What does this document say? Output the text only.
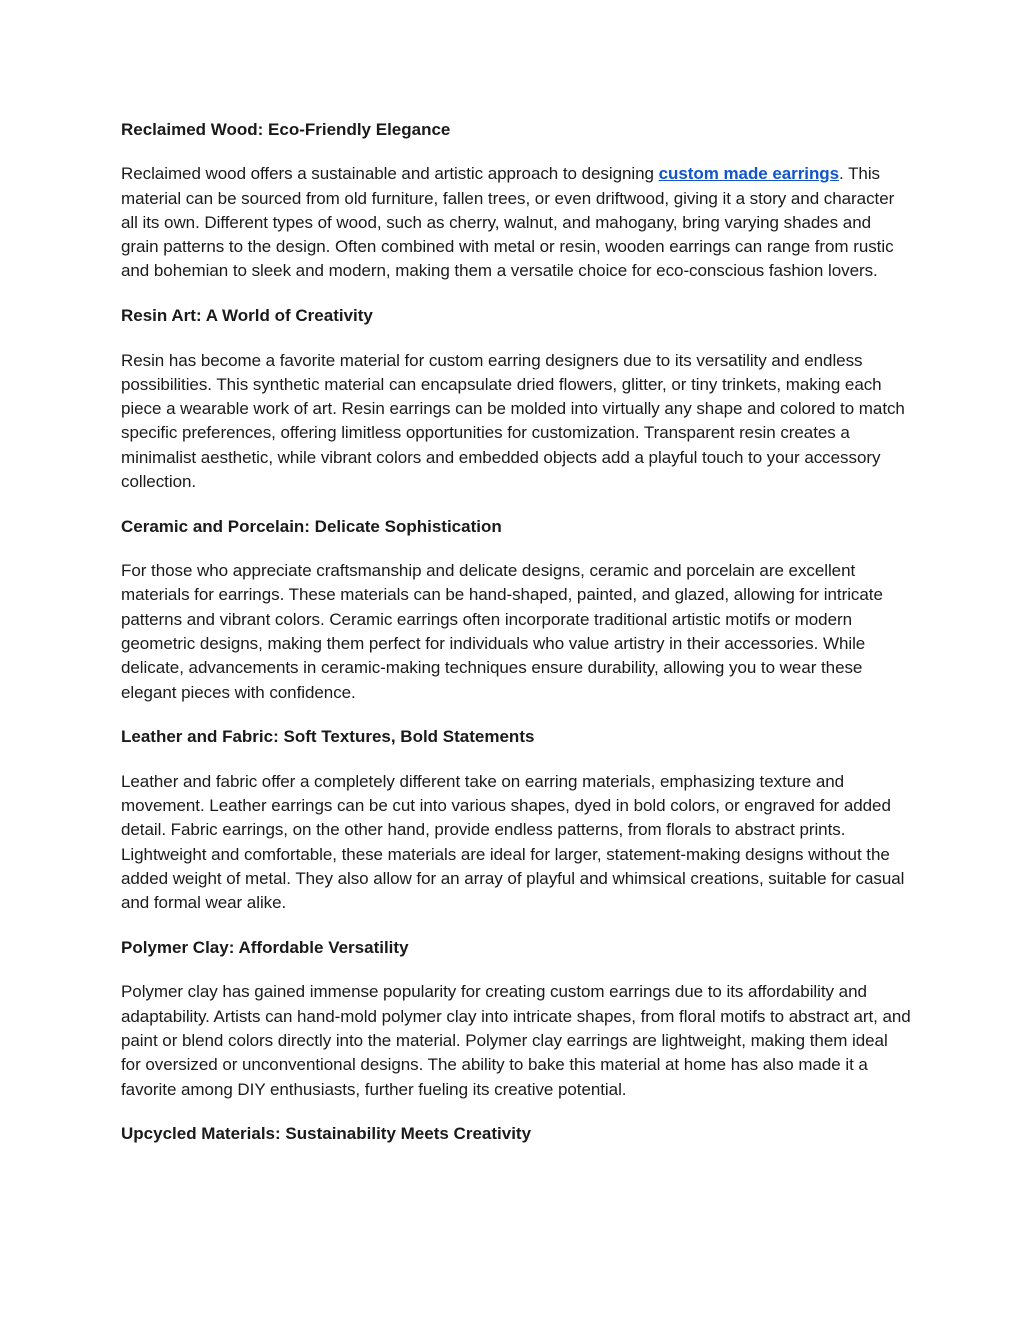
Reclaimed Wood: Eco-Friendly Elegance

Reclaimed wood offers a sustainable and artistic approach to designing custom made earrings. This material can be sourced from old furniture, fallen trees, or even driftwood, giving it a story and character all its own. Different types of wood, such as cherry, walnut, and mahogany, bring varying shades and grain patterns to the design. Often combined with metal or resin, wooden earrings can range from rustic and bohemian to sleek and modern, making them a versatile choice for eco-conscious fashion lovers.

Resin Art: A World of Creativity

Resin has become a favorite material for custom earring designers due to its versatility and endless possibilities. This synthetic material can encapsulate dried flowers, glitter, or tiny trinkets, making each piece a wearable work of art. Resin earrings can be molded into virtually any shape and colored to match specific preferences, offering limitless opportunities for customization. Transparent resin creates a minimalist aesthetic, while vibrant colors and embedded objects add a playful touch to your accessory collection.

Ceramic and Porcelain: Delicate Sophistication

For those who appreciate craftsmanship and delicate designs, ceramic and porcelain are excellent materials for earrings. These materials can be hand-shaped, painted, and glazed, allowing for intricate patterns and vibrant colors. Ceramic earrings often incorporate traditional artistic motifs or modern geometric designs, making them perfect for individuals who value artistry in their accessories. While delicate, advancements in ceramic-making techniques ensure durability, allowing you to wear these elegant pieces with confidence.

Leather and Fabric: Soft Textures, Bold Statements

Leather and fabric offer a completely different take on earring materials, emphasizing texture and movement. Leather earrings can be cut into various shapes, dyed in bold colors, or engraved for added detail. Fabric earrings, on the other hand, provide endless patterns, from florals to abstract prints. Lightweight and comfortable, these materials are ideal for larger, statement-making designs without the added weight of metal. They also allow for an array of playful and whimsical creations, suitable for casual and formal wear alike.

Polymer Clay: Affordable Versatility

Polymer clay has gained immense popularity for creating custom earrings due to its affordability and adaptability. Artists can hand-mold polymer clay into intricate shapes, from floral motifs to abstract art, and paint or blend colors directly into the material. Polymer clay earrings are lightweight, making them ideal for oversized or unconventional designs. The ability to bake this material at home has also made it a favorite among DIY enthusiasts, further fueling its creative potential.

Upcycled Materials: Sustainability Meets Creativity
